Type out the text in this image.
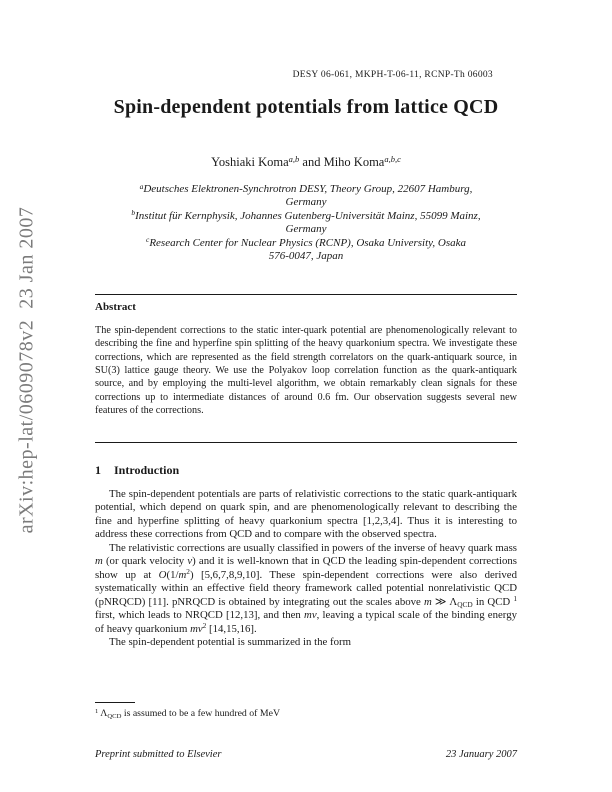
arXiv:hep-lat/0609078v2  23 Jan 2007
DESY 06-061, MKPH-T-06-11, RCNP-Th 06003
Spin-dependent potentials from lattice QCD
Yoshiaki Koma$^{a,b}$ and Miho Koma$^{a,b,c}$
$^a$Deutsches Elektronen-Synchrotron DESY, Theory Group, 22607 Hamburg,
Germany
$^b$Institut für Kernphysik, Johannes Gutenberg-Universität Mainz, 55099 Mainz,
Germany
$^c$Research Center for Nuclear Physics (RCNP), Osaka University, Osaka
576-0047, Japan
Abstract
The spin-dependent corrections to the static inter-quark potential are phenomenologically relevant to describing the fine and hyperfine spin splitting of the heavy quarkonium spectra. We investigate these corrections, which are represented as the field strength correlators on the quark-antiquark source, in SU(3) lattice gauge theory. We use the Polyakov loop correlation function as the quark-antiquark source, and by employing the multi-level algorithm, we obtain remarkably clean signals for these corrections up to intermediate distances of around 0.6 fm. Our observation suggests several new features of the corrections.
1 Introduction

The spin-dependent potentials are parts of relativistic corrections to the static quark-antiquark potential, which depend on quark spin, and are phenomenologically relevant to describing the fine and hyperfine splitting of heavy quarkonium spectra [1,2,3,4]. Thus it is interesting to address these corrections from QCD and to compare with the observed spectra.

The relativistic corrections are usually classified in powers of the inverse of heavy quark mass m (or quark velocity v) and it is well-known that in QCD the leading spin-dependent corrections show up at $O(1/m^2)$ [5,6,7,8,9,10]. These spin-dependent corrections were also derived systematically within an effective field theory framework called potential nonrelativistic QCD (pNRQCD) [11]. pNRQCD is obtained by integrating out the scales above m ≫ ΛQCD in QCD $^1$ first, which leads to NRQCD [12,13], and then mv, leaving a typical scale of the binding energy of heavy quarkonium $mv^2$ [14,15,16].

The spin-dependent potential is summarized in the form

$^1$ ΛQCD is assumed to be a few hundred of MeV
Preprint submitted to Elsevier	23 January 2007
